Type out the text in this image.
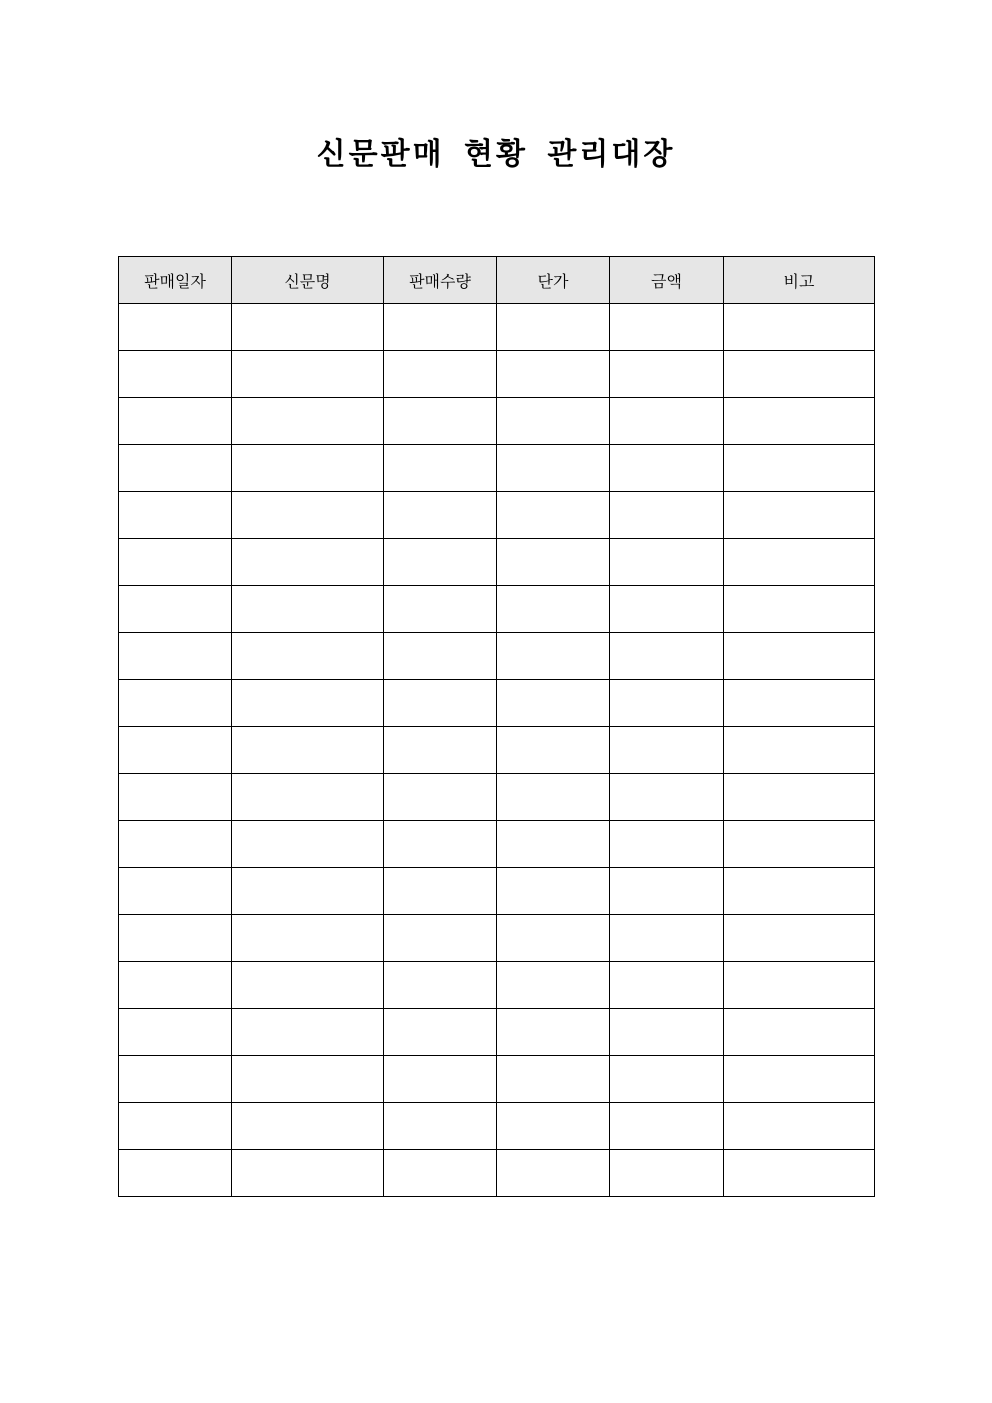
신문판매 현황 관리대장
판매일자	신문명	판매수량	단가	금액	비고
